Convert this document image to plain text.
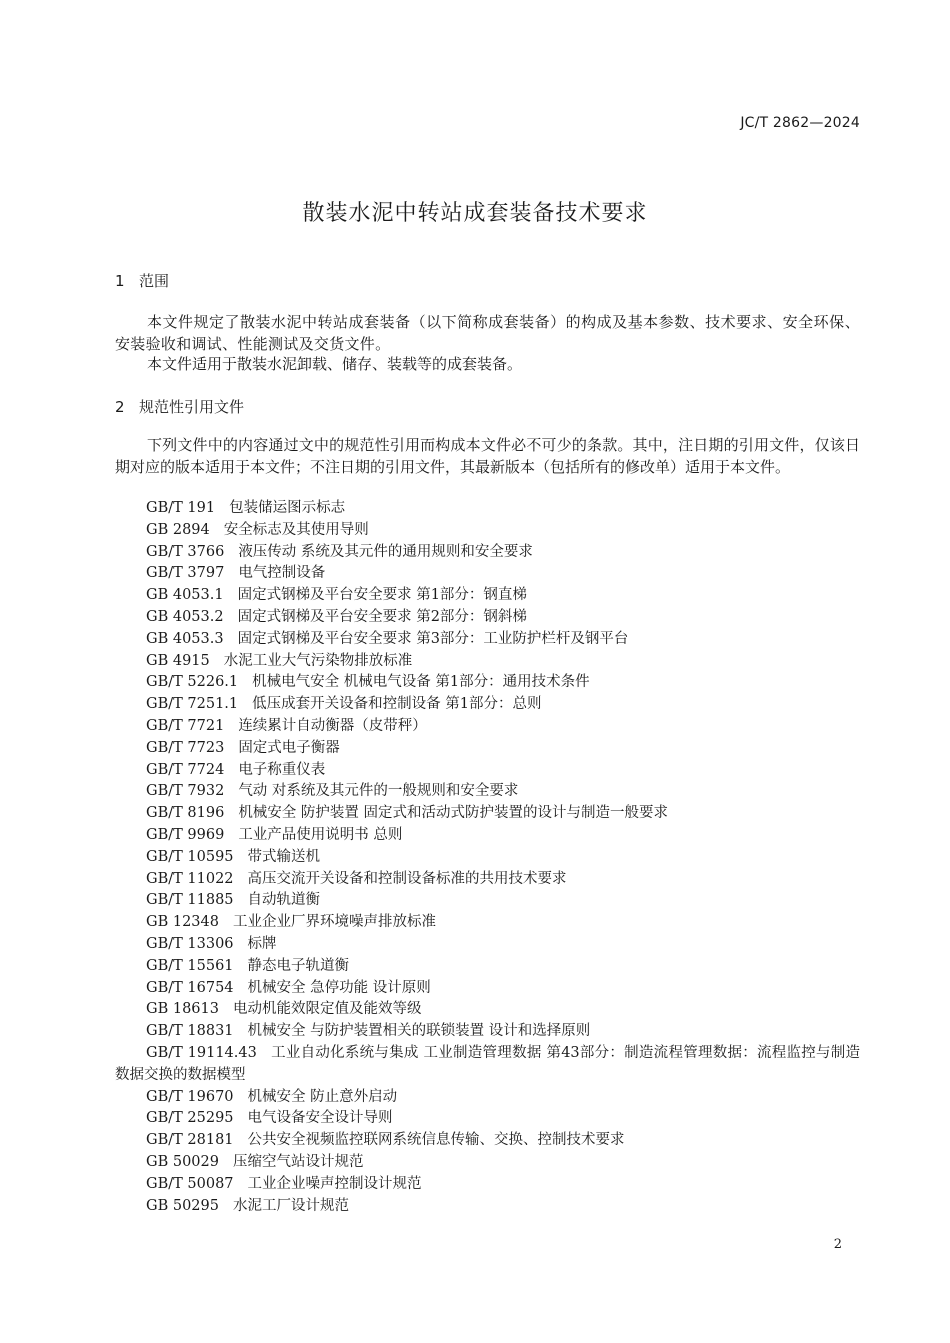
JC/T 2862—2024
散装水泥中转站成套装备技术要求
1 范围
本文件规定了散装水泥中转站成套装备（以下简称成套装备）的构成及基本参数、技术要求、安全环保、安装验收和调试、性能测试及交货文件。
本文件适用于散装水泥卸载、储存、装载等的成套装备。
2 规范性引用文件
下列文件中的内容通过文中的规范性引用而构成本文件必不可少的条款。其中，注日期的引用文件，仅该日期对应的版本适用于本文件；不注日期的引用文件，其最新版本（包括所有的修改单）适用于本文件。
GB/T 191 包装储运图示标志
GB 2894 安全标志及其使用导则
GB/T 3766 液压传动 系统及其元件的通用规则和安全要求
GB/T 3797 电气控制设备
GB 4053.1 固定式钢梯及平台安全要求 第1部分：钢直梯
GB 4053.2 固定式钢梯及平台安全要求 第2部分：钢斜梯
GB 4053.3 固定式钢梯及平台安全要求 第3部分：工业防护栏杆及钢平台
GB 4915 水泥工业大气污染物排放标准
GB/T 5226.1 机械电气安全 机械电气设备 第1部分：通用技术条件
GB/T 7251.1 低压成套开关设备和控制设备 第1部分：总则
GB/T 7721 连续累计自动衡器（皮带秤）
GB/T 7723 固定式电子衡器
GB/T 7724 电子称重仪表
GB/T 7932 气动 对系统及其元件的一般规则和安全要求
GB/T 8196 机械安全 防护装置 固定式和活动式防护装置的设计与制造一般要求
GB/T 9969 工业产品使用说明书 总则
GB/T 10595 带式输送机
GB/T 11022 高压交流开关设备和控制设备标准的共用技术要求
GB/T 11885 自动轨道衡
GB 12348 工业企业厂界环境噪声排放标准
GB/T 13306 标牌
GB/T 15561 静态电子轨道衡
GB/T 16754 机械安全 急停功能 设计原则
GB 18613 电动机能效限定值及能效等级
GB/T 18831 机械安全 与防护装置相关的联锁装置 设计和选择原则
GB/T 19114.43 工业自动化系统与集成 工业制造管理数据 第43部分：制造流程管理数据：流程监控与制造数据交换的数据模型
GB/T 19670 机械安全 防止意外启动
GB/T 25295 电气设备安全设计导则
GB/T 28181 公共安全视频监控联网系统信息传输、交换、控制技术要求
GB 50029 压缩空气站设计规范
GB/T 50087 工业企业噪声控制设计规范
GB 50295 水泥工厂设计规范
2
